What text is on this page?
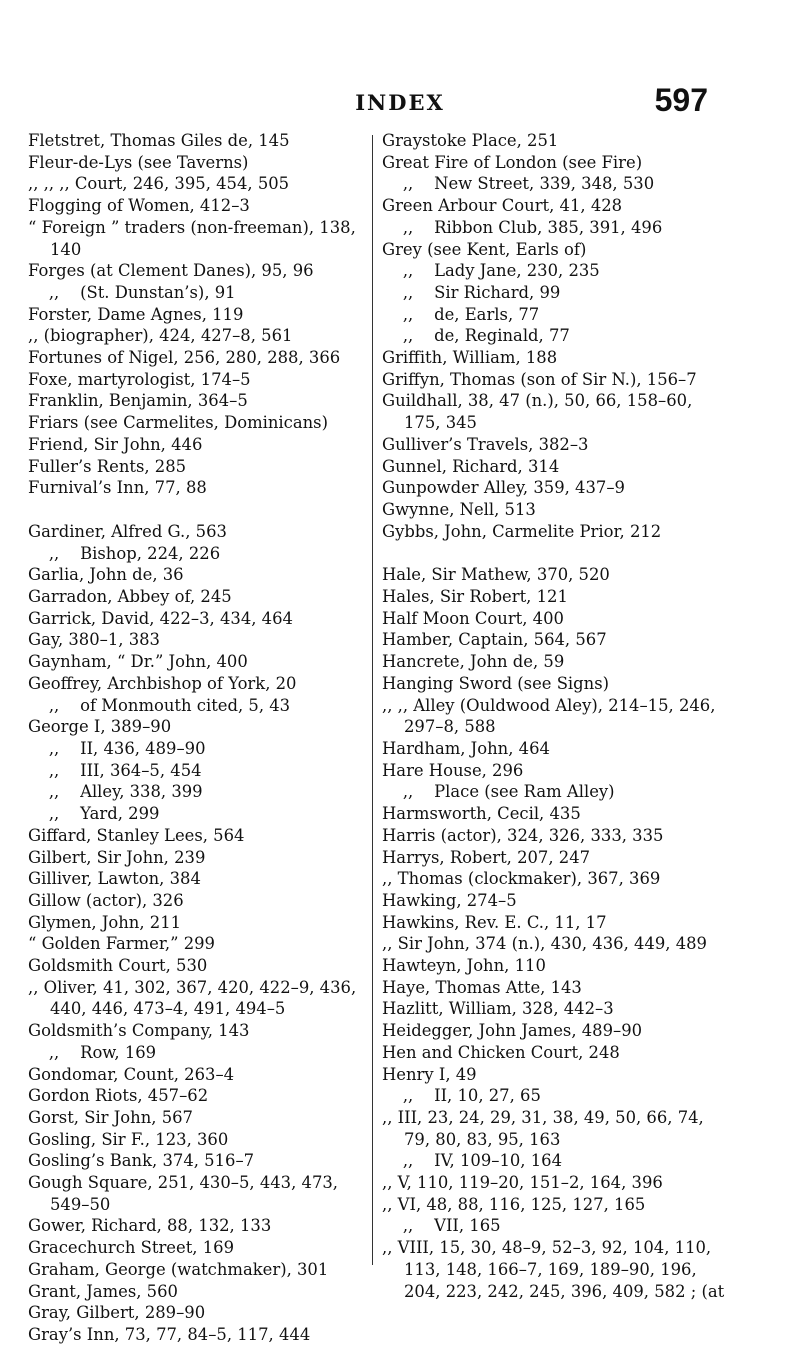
INDEX	597
Fletstret, Thomas Giles de, 145
Fleur-de-Lys (see Taverns)
,, ,, ,, Court, 246, 395, 454, 505
Flogging of Women, 412–3
“ Foreign ” traders (non-freeman), 138, 140
Forges (at Clement Danes), 95, 96
,,    (St. Dunstan’s), 91
Forster, Dame Agnes, 119
,, (biographer), 424, 427–8, 561
Fortunes of Nigel, 256, 280, 288, 366
Foxe, martyrologist, 174–5
Franklin, Benjamin, 364–5
Friars (see Carmelites, Dominicans)
Friend, Sir John, 446
Fuller’s Rents, 285
Furnival’s Inn, 77, 88
Gardiner, Alfred G., 563
,,    Bishop, 224, 226
Garlia, John de, 36
Garradon, Abbey of, 245
Garrick, David, 422–3, 434, 464
Gay, 380–1, 383
Gaynham, “ Dr.” John, 400
Geoffrey, Archbishop of York, 20
,,    of Monmouth cited, 5, 43
George I, 389–90
,,    II, 436, 489–90
,,    III, 364–5, 454
,,    Alley, 338, 399
,,    Yard, 299
Giffard, Stanley Lees, 564
Gilbert, Sir John, 239
Gilliver, Lawton, 384
Gillow (actor), 326
Glymen, John, 211
“ Golden Farmer,” 299
Goldsmith Court, 530
,, Oliver, 41, 302, 367, 420, 422–9, 436, 440, 446, 473–4, 491, 494–5
Goldsmith’s Company, 143
,,    Row, 169
Gondomar, Count, 263–4
Gordon Riots, 457–62
Gorst, Sir John, 567
Gosling, Sir F., 123, 360
Gosling’s Bank, 374, 516–7
Gough Square, 251, 430–5, 443, 473, 549–50
Gower, Richard, 88, 132, 133
Gracechurch Street, 169
Graham, George (watchmaker), 301
Grant, James, 560
Gray, Gilbert, 289–90
Gray’s Inn, 73, 77, 84–5, 117, 444
Graystoke Place, 251
Great Fire of London (see Fire)
,,    New Street, 339, 348, 530
Green Arbour Court, 41, 428
,,    Ribbon Club, 385, 391, 496
Grey (see Kent, Earls of)
,,    Lady Jane, 230, 235
,,    Sir Richard, 99
,,    de, Earls, 77
,,    de, Reginald, 77
Griffith, William, 188
Griffyn, Thomas (son of Sir N.), 156–7
Guildhall, 38, 47 (n.), 50, 66, 158–60, 175, 345
Gulliver’s Travels, 382–3
Gunnel, Richard, 314
Gunpowder Alley, 359, 437–9
Gwynne, Nell, 513
Gybbs, John, Carmelite Prior, 212
Hale, Sir Mathew, 370, 520
Hales, Sir Robert, 121
Half Moon Court, 400
Hamber, Captain, 564, 567
Hancrete, John de, 59
Hanging Sword (see Signs)
,, ,, Alley (Ouldwood Aley), 214–15, 246, 297–8, 588
Hardham, John, 464
Hare House, 296
,,    Place (see Ram Alley)
Harmsworth, Cecil, 435
Harris (actor), 324, 326, 333, 335
Harrys, Robert, 207, 247
,, Thomas (clockmaker), 367, 369
Hawking, 274–5
Hawkins, Rev. E. C., 11, 17
,, Sir John, 374 (n.), 430, 436, 449, 489
Hawteyn, John, 110
Haye, Thomas Atte, 143
Hazlitt, William, 328, 442–3
Heidegger, John James, 489–90
Hen and Chicken Court, 248
Henry I, 49
,,    II, 10, 27, 65
,, III, 23, 24, 29, 31, 38, 49, 50, 66, 74, 79, 80, 83, 95, 163
,,    IV, 109–10, 164
,, V, 110, 119–20, 151–2, 164, 396
,, VI, 48, 88, 116, 125, 127, 165
,,    VII, 165
,, VIII, 15, 30, 48–9, 52–3, 92, 104, 110, 113, 148, 166–7, 169, 189–90, 196, 204, 223, 242, 245, 396, 409, 582 ; (at
